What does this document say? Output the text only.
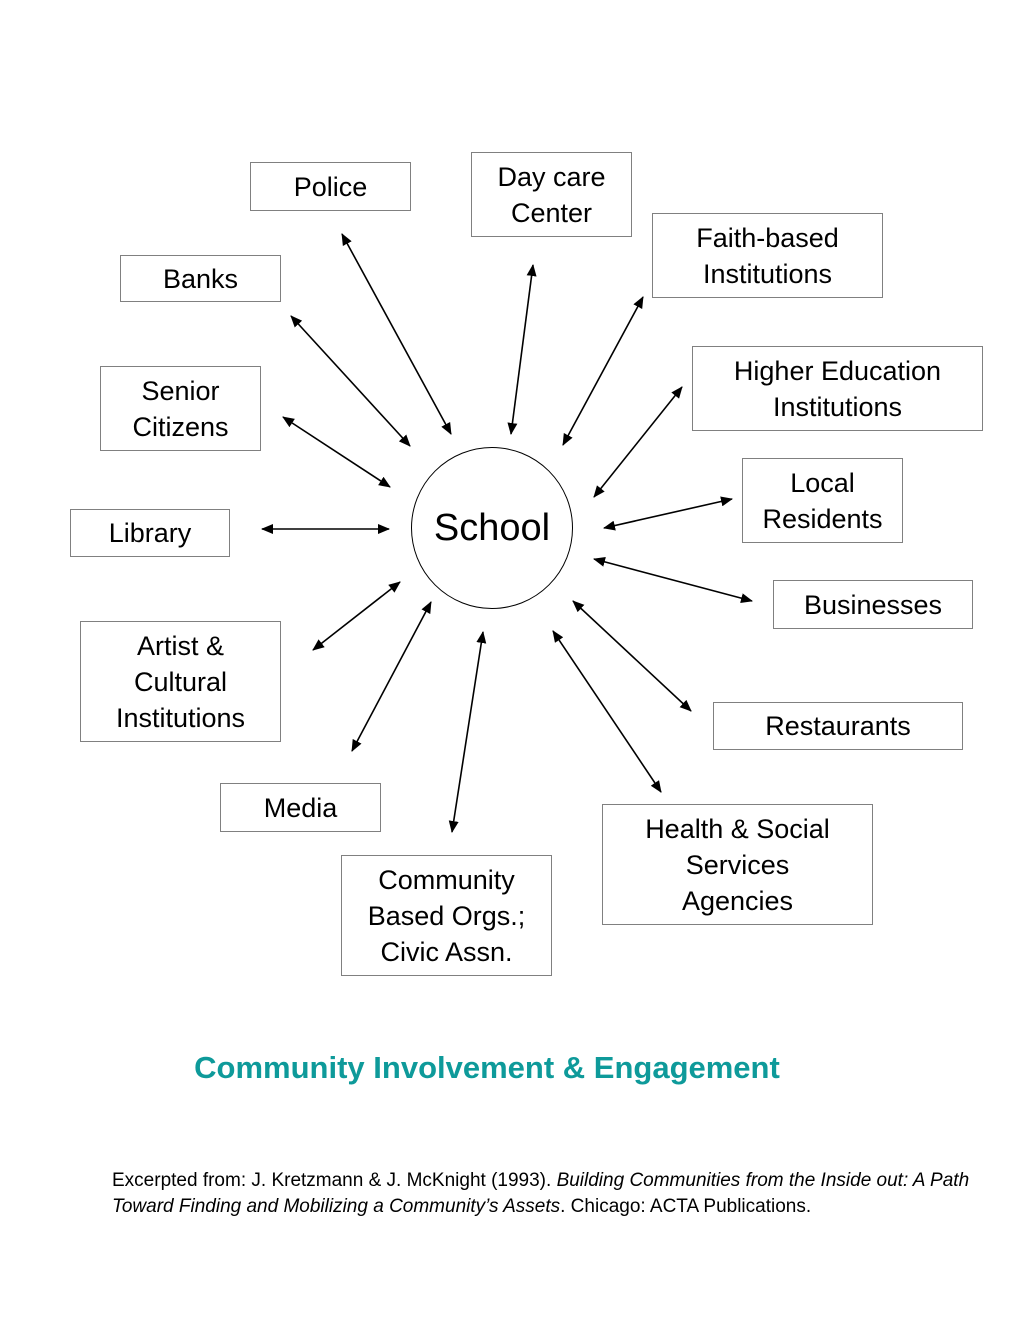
School
Police	Day care
Center
Faith-based
Institutions
Banks
Higher Education
Institutions
Senior
Citizens
Local
Residents
Library
Businesses
Artist &
Cultural
Institutions	Restaurants
Media
Health & Social
Services
Agencies
Community
Based Orgs.;
Civic Assn.
Community Involvement & Engagement
Excerpted from: J. Kretzmann & J. McKnight (1993). Building Communities from the Inside out: A Path Toward Finding and Mobilizing a Community’s Assets. Chicago: ACTA Publications.
